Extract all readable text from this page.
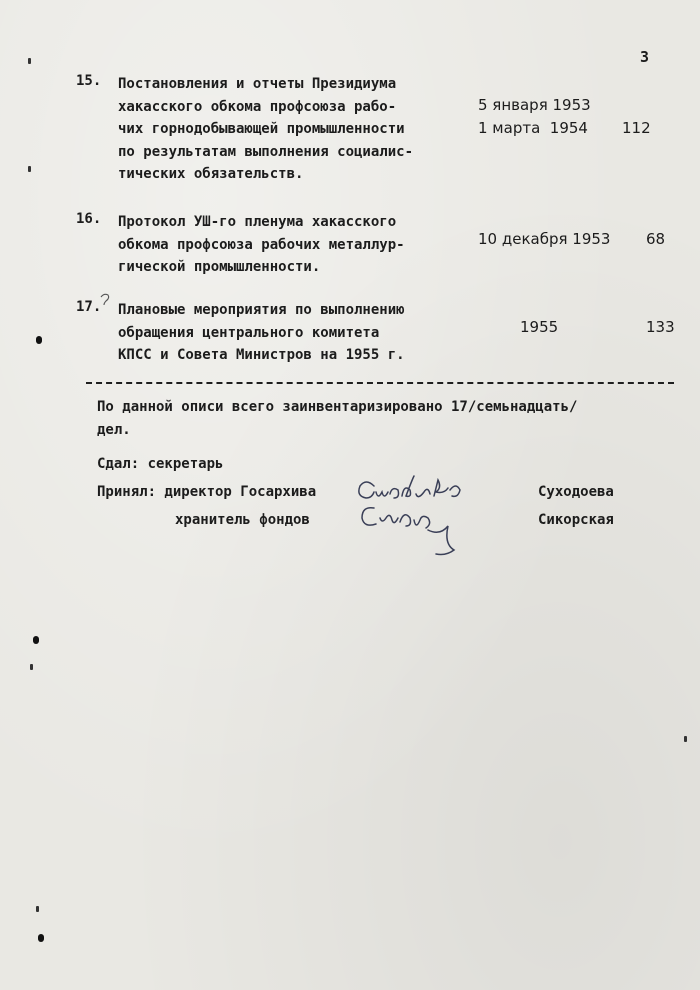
3
15. Постановления и отчеты Президиума
хакасского обкома профсоюза рабо-
чих горнодобывающей промышленности
по результатам выполнения социалис-
тических обязательств.
5 января 1953
1 марта  1954 112
16. Протокол УШ-го пленума хакасского
обкома профсоюза рабочих металлур-
гической промышленности.
10 декабря 1953 68
17. Плановые мероприятия по выполнению
обращения центрального комитета
КПСС и Совета Министров на 1955 г.
1955	133
По данной описи всего заинвентаризировано 17/семьнадцать/
дел.
Сдал: секретарь
Принял: директор Госархива	Суходоева
хранитель фондов	Сикорская
